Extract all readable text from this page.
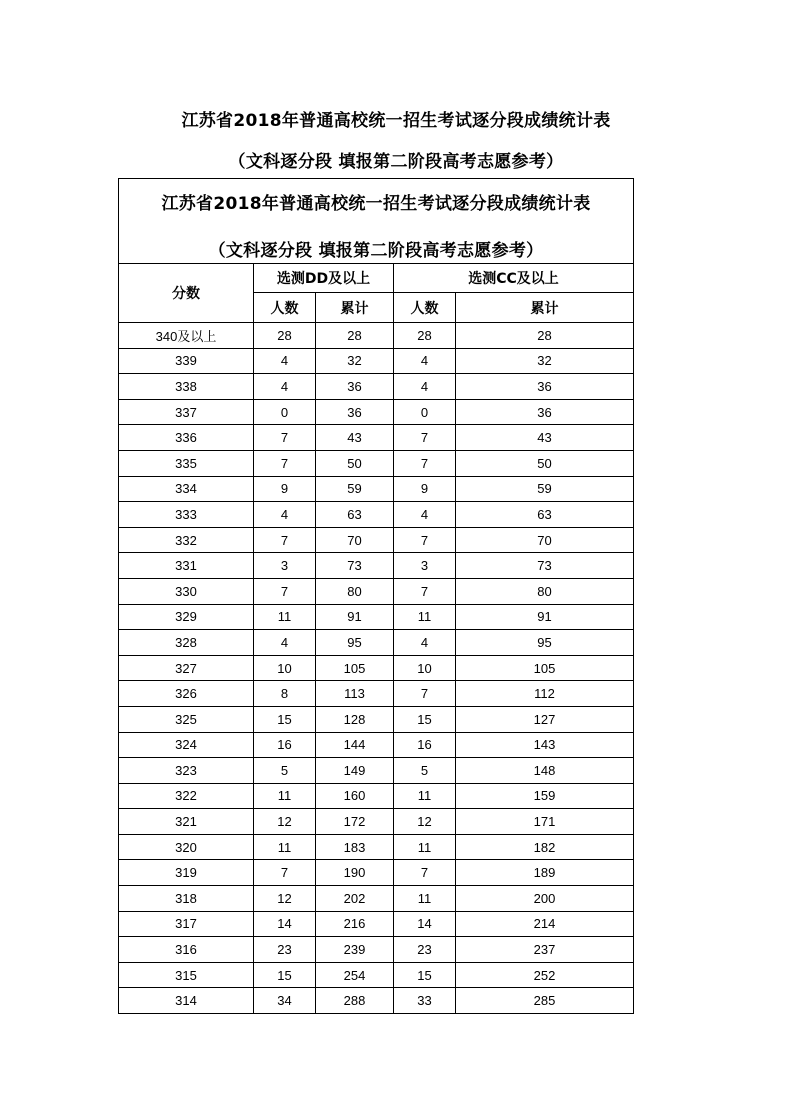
江苏省2018年普通高校统一招生考试逐分段成绩统计表
（文科逐分段 填报第二阶段高考志愿参考）
江苏省2018年普通高校统一招生考试逐分段成绩统计表
（文科逐分段 填报第二阶段高考志愿参考）				

分数	选测DD及以上		选测CC及以上	
	人数	累计	人数	累计
340及以上	28	28	28	28
339	4	32	4	32
338	4	36	4	36
337	0	36	0	36
336	7	43	7	43
335	7	50	7	50
334	9	59	9	59
333	4	63	4	63
332	7	70	7	70
331	3	73	3	73
330	7	80	7	80
329	11	91	11	91
328	4	95	4	95
327	10	105	10	105
326	8	113	7	112
325	15	128	15	127
324	16	144	16	143
323	5	149	5	148
322	11	160	11	159
321	12	172	12	171
320	11	183	11	182
319	7	190	7	189
318	12	202	11	200
317	14	216	14	214
316	23	239	23	237
315	15	254	15	252
314	34	288	33	285
